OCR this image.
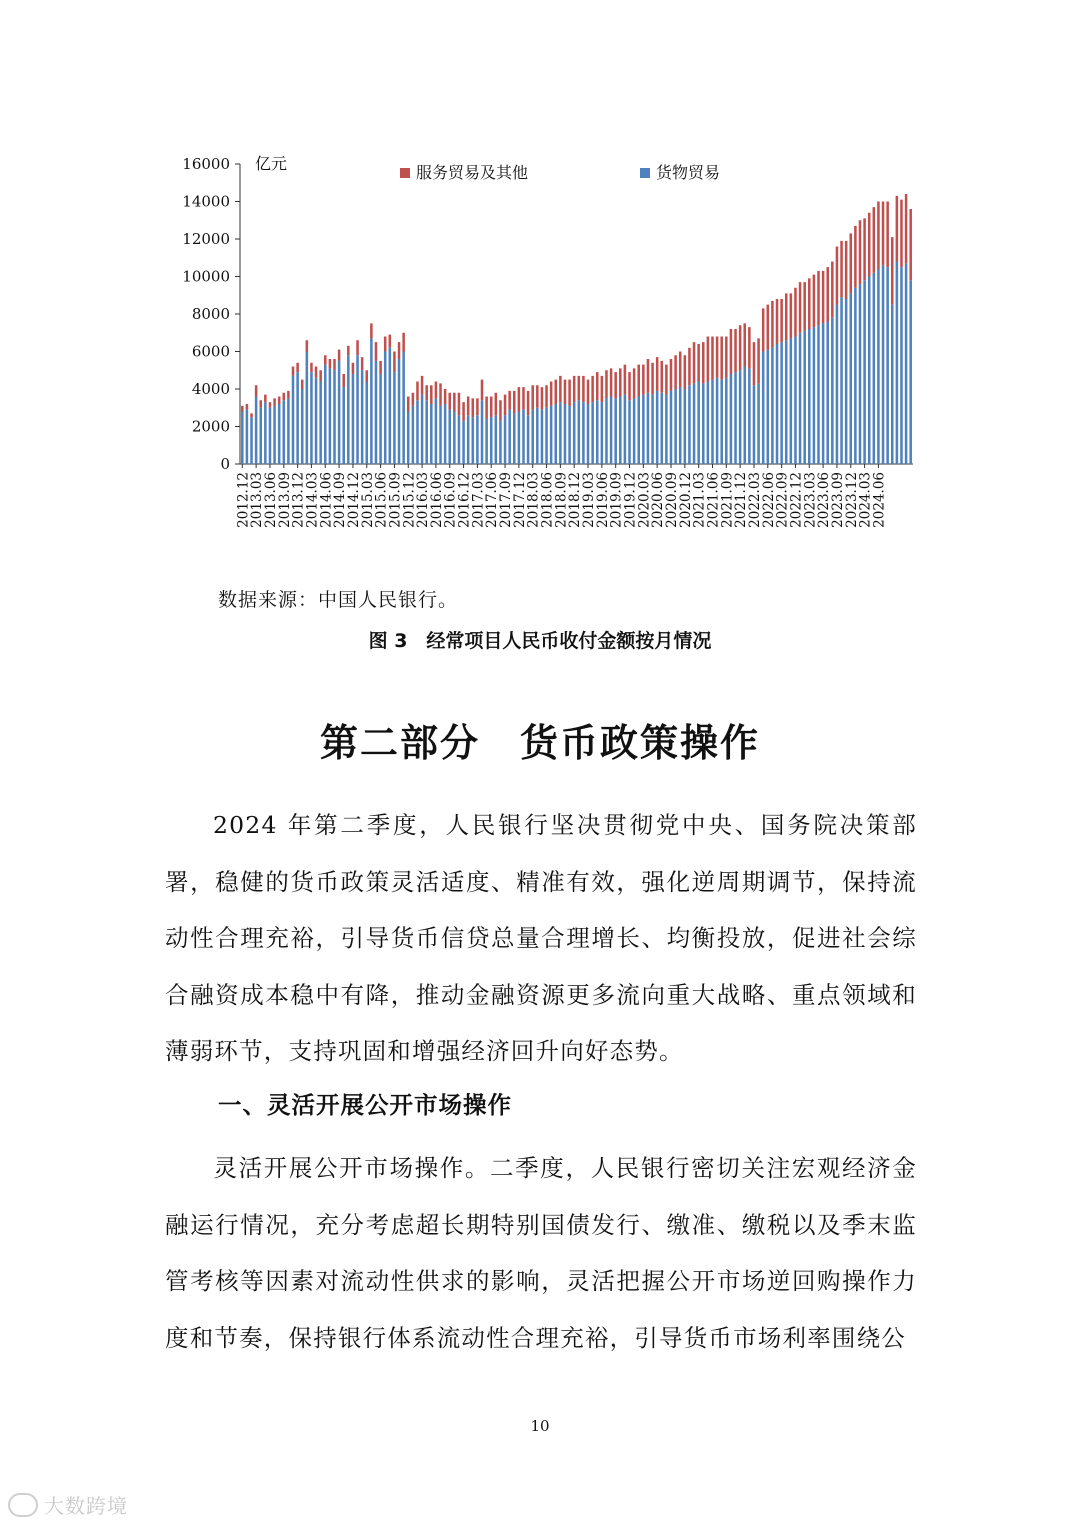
0
2000
4000
6000
8000
10000
12000
14000
16000 亿元
2012.12
2013.03
2013.06
2013.09
2013.12
2014.03
2014.06
2014.09
2014.12
2015.03
2015.06
2015.09
2015.12
2016.03
2016.06
2016.09
2016.12
2017.03
2017.06
2017.09
2017.12
2018.03
2018.06
2018.09
2018.12
2019.03
2019.06
2019.09
2019.12
2020.03
2020.06
2020.09
2020.12
2021.03
2021.06
2021.09
2021.12
2022.03
2022.06
2022.09
2022.12
2023.03
2023.06
2023.09
2023.12
2024.03
2024.06
服务贸易及其他	货物贸易
数据来源：中国人民银行。
图 3　经常项目人民币收付金额按月情况
第二部分　货币政策操作

2024 年第二季度，人民银行坚决贯彻党中央、国务院决策部署，稳健的货币政策灵活适度、精准有效，强化逆周期调节，保持流动性合理充裕，引导货币信贷总量合理增长、均衡投放，促进社会综合融资成本稳中有降，推动金融资源更多流向重大战略、重点领域和薄弱环节，支持巩固和增强经济回升向好态势。

一、灵活开展公开市场操作

灵活开展公开市场操作。二季度，人民银行密切关注宏观经济金融运行情况，充分考虑超长期特别国债发行、缴准、缴税以及季末监管考核等因素对流动性供求的影响，灵活把握公开市场逆回购操作力度和节奏，保持银行体系流动性合理充裕，引导货币市场利率围绕公

10
大数跨境
